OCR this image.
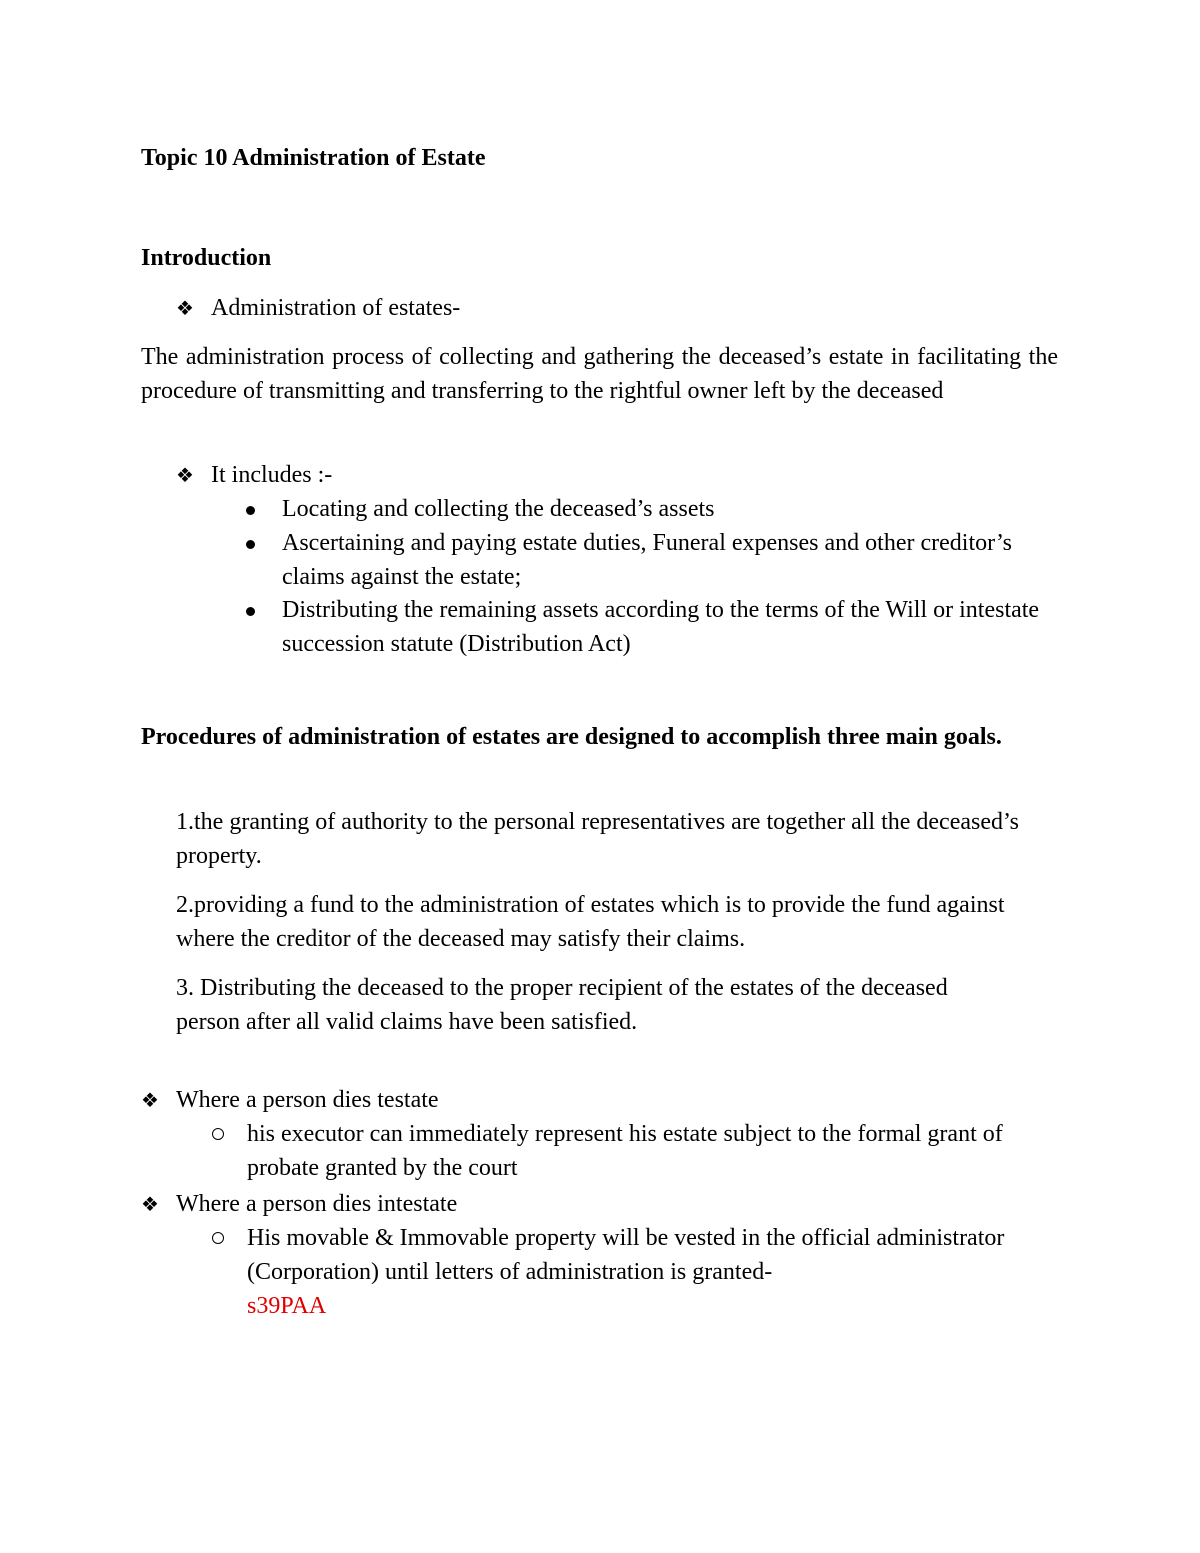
Topic 10 Administration of Estate
Introduction
❖ Administration of estates-
The administration process of collecting and gathering the deceased’s estate in facilitating the procedure of transmitting and transferring to the rightful owner left by the deceased
❖ It includes :-
Locating and collecting the deceased’s assets
Ascertaining and paying estate duties, Funeral expenses and other creditor’s claims against the estate;
Distributing the remaining assets according to the terms of the Will or intestate succession statute (Distribution Act)
Procedures of administration of estates are designed to accomplish three main goals.
1.the granting of authority to the personal representatives are together all the deceased’s property.
2.providing a fund to the administration of estates which is to provide the fund against where the creditor of the deceased may satisfy their claims.
3. Distributing the deceased to the proper recipient of the estates of the deceased person after all valid claims have been satisfied.
❖ Where a person dies testate
his executor can immediately represent his estate subject to the formal grant of probate granted by the court
❖ Where a person dies intestate
His movable & Immovable property will be vested in the official administrator (Corporation) until letters of administration is granted-
s39PAA
